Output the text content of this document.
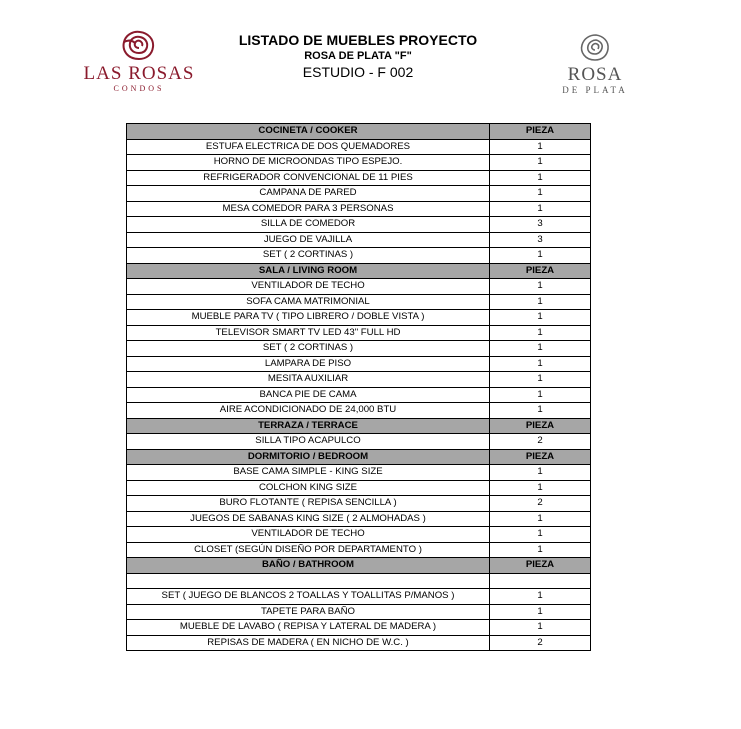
LAS ROSAS
CONDOS
LISTADO DE MUEBLES PROYECTO
ROSA DE PLATA "F"
ESTUDIO - F 002	ROSA
DE PLATA
COCINETA / COOKER	PIEZA
ESTUFA ELECTRICA DE DOS QUEMADORES	1
HORNO DE MICROONDAS TIPO ESPEJO.	1
REFRIGERADOR CONVENCIONAL DE 11 PIES	1
CAMPANA DE PARED	1
MESA COMEDOR PARA 3 PERSONAS	1
SILLA DE COMEDOR	3
JUEGO DE VAJILLA	3
SET ( 2 CORTINAS )	1
SALA / LIVING ROOM	PIEZA
VENTILADOR DE TECHO	1
SOFA CAMA MATRIMONIAL	1
MUEBLE PARA TV ( TIPO LIBRERO / DOBLE VISTA )	1
TELEVISOR SMART TV LED 43" FULL HD	1
SET ( 2 CORTINAS )	1
LAMPARA DE PISO	1
MESITA AUXILIAR	1
BANCA PIE DE CAMA	1
AIRE ACONDICIONADO DE 24,000 BTU	1
TERRAZA / TERRACE	PIEZA
SILLA TIPO ACAPULCO	2
DORMITORIO / BEDROOM	PIEZA
BASE CAMA SIMPLE - KING SIZE	1
COLCHON KING SIZE	1
BURO FLOTANTE ( REPISA SENCILLA )	2
JUEGOS DE SABANAS KING SIZE ( 2 ALMOHADAS )	1
VENTILADOR DE TECHO	1
CLOSET (SEGÚN DISEÑO POR DEPARTAMENTO )	1
BAÑO / BATHROOM	PIEZA

SET ( JUEGO DE BLANCOS 2 TOALLAS Y TOALLITAS P/MANOS )	1
TAPETE PARA BAÑO	1
MUEBLE DE LAVABO ( REPISA Y LATERAL DE MADERA )	1
REPISAS DE MADERA ( EN NICHO DE W.C. )	2
